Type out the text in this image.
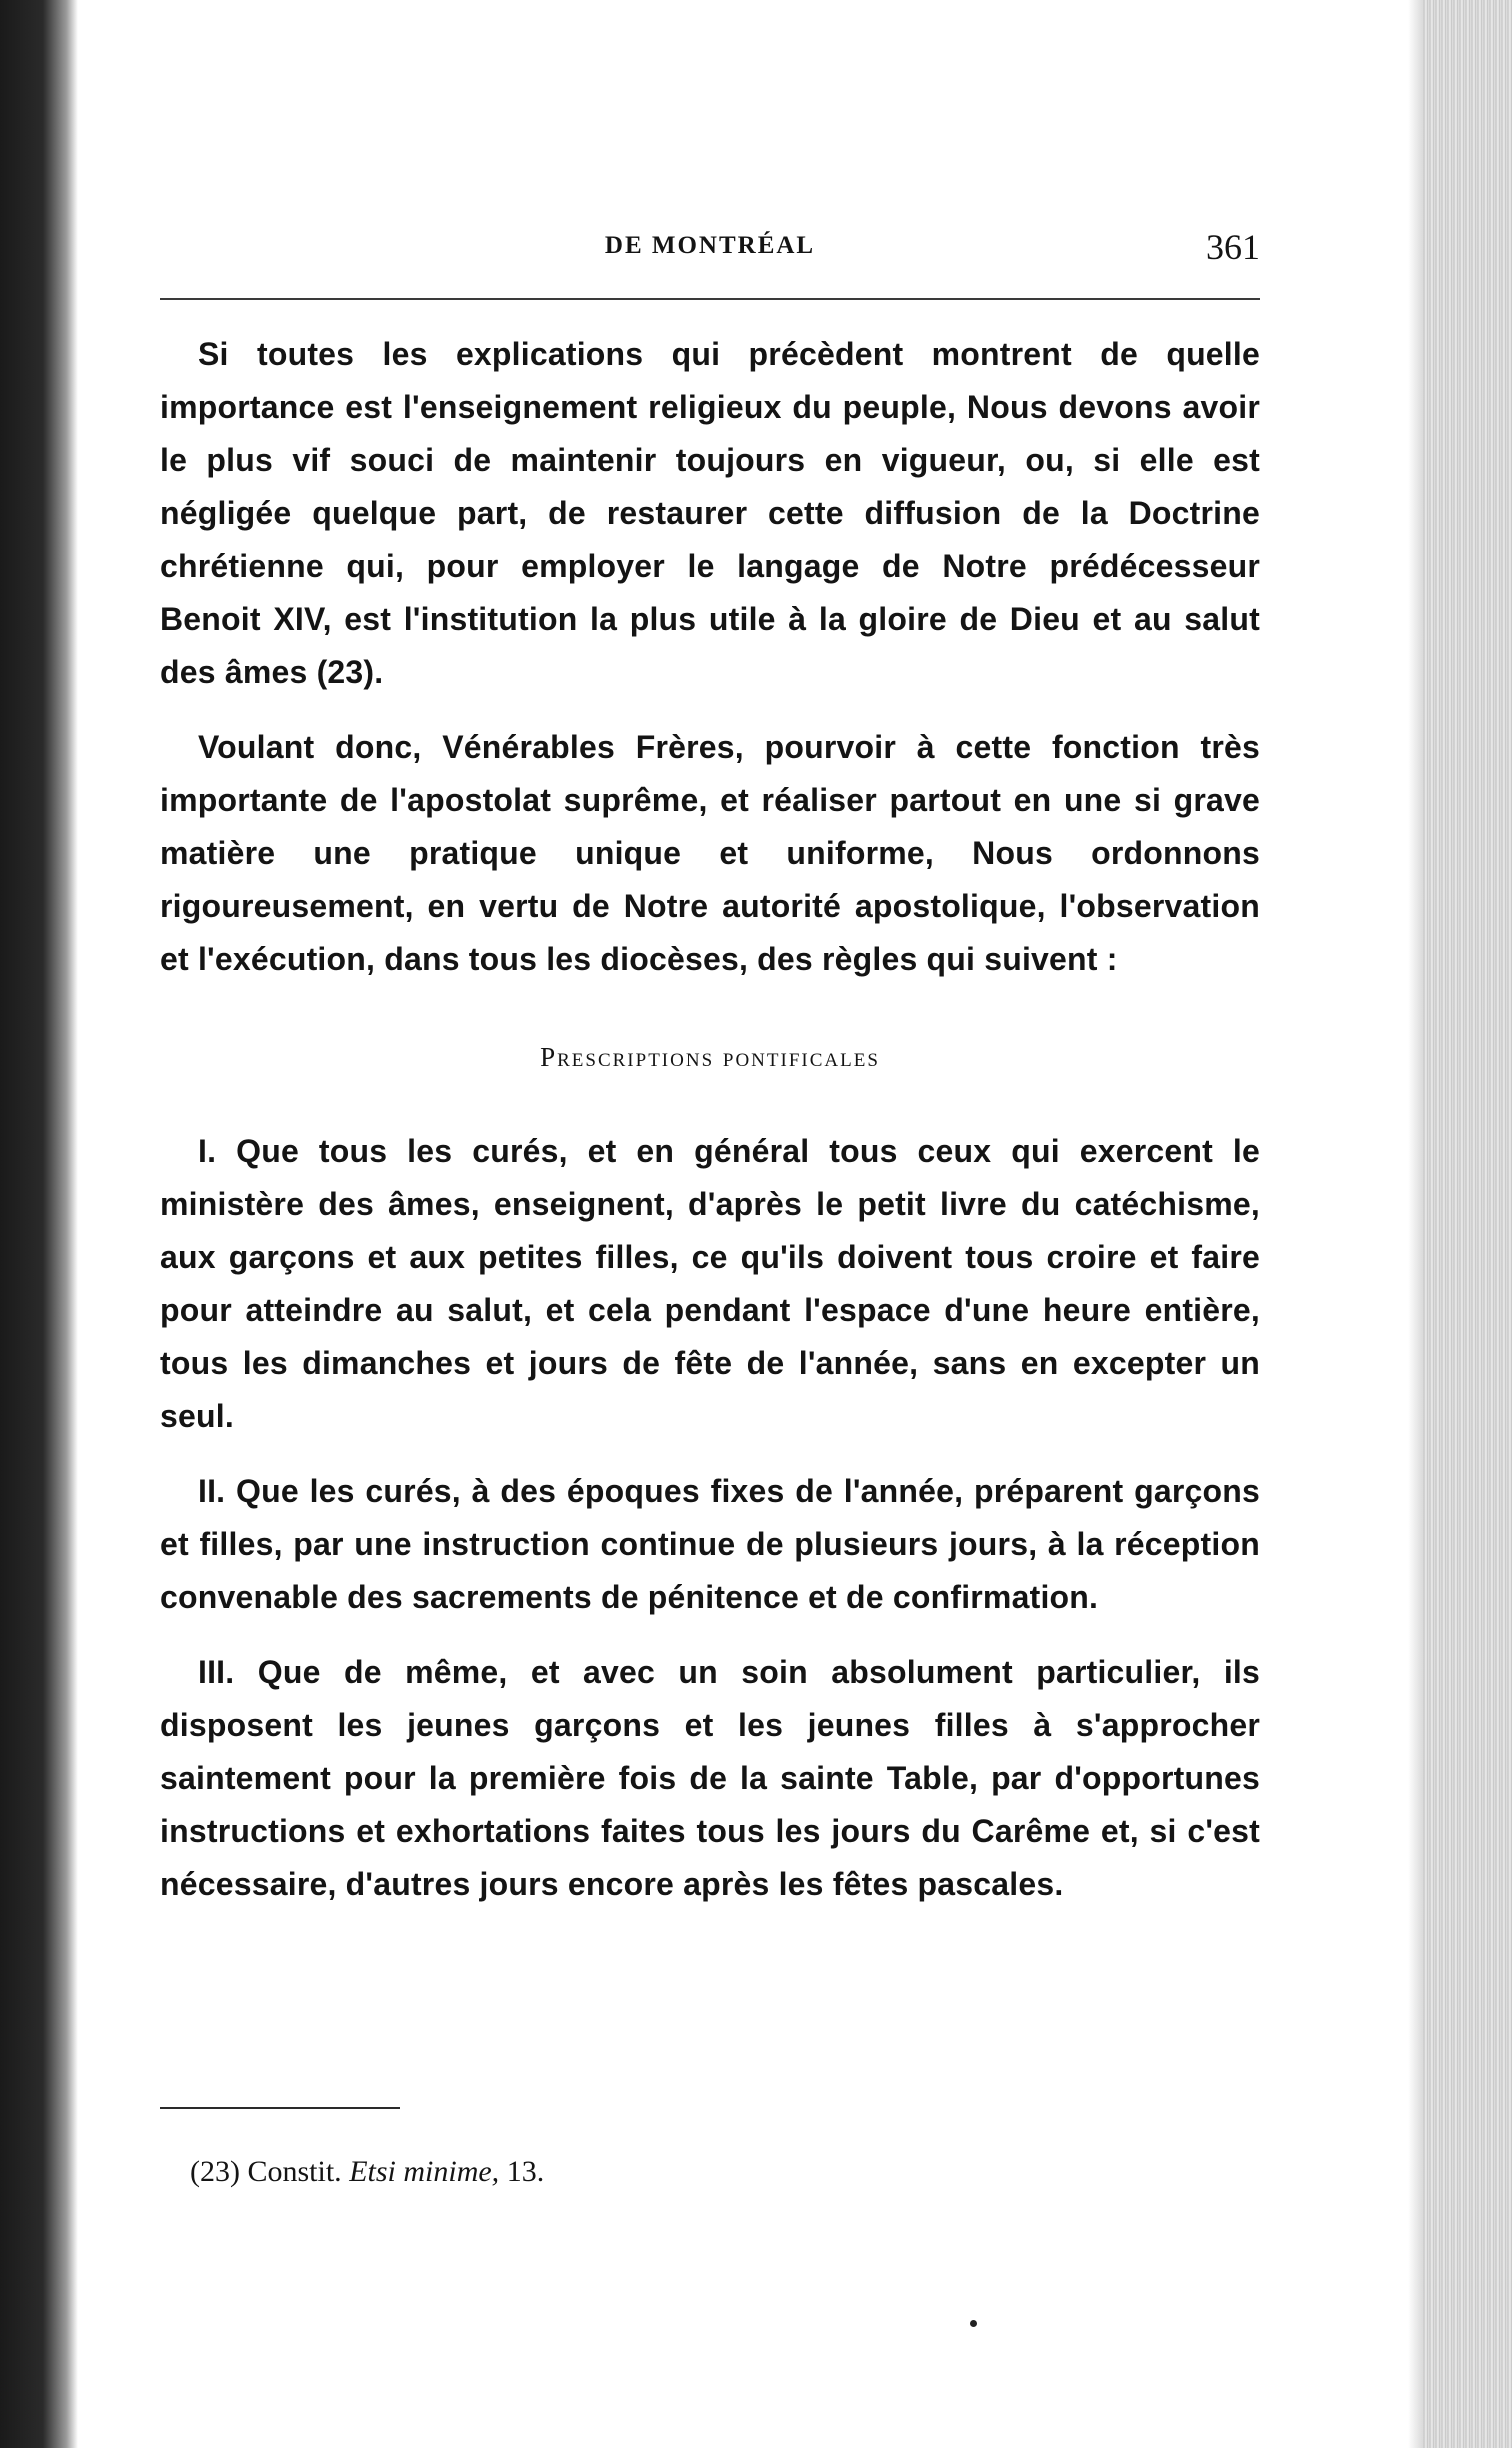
DE MONTRÉAL	361

Si toutes les explications qui précèdent montrent de quelle importance est l'enseignement religieux du peuple, Nous devons avoir le plus vif souci de maintenir toujours en vigueur, ou, si elle est négligée quelque part, de restaurer cette diffusion de la Doctrine chrétienne qui, pour employer le langage de Notre prédécesseur Benoit XIV, est l'institution la plus utile à la gloire de Dieu et au salut des âmes (23).

Voulant donc, Vénérables Frères, pourvoir à cette fonction très importante de l'apostolat suprême, et réaliser partout en une si grave matière une pratique unique et uniforme, Nous ordonnons rigoureusement, en vertu de Notre autorité apostolique, l'observation et l'exécution, dans tous les diocèses, des règles qui suivent :

Prescriptions pontificales

I. Que tous les curés, et en général tous ceux qui exercent le ministère des âmes, enseignent, d'après le petit livre du catéchisme, aux garçons et aux petites filles, ce qu'ils doivent tous croire et faire pour atteindre au salut, et cela pendant l'espace d'une heure entière, tous les dimanches et jours de fête de l'année, sans en excepter un seul.

II. Que les curés, à des époques fixes de l'année, préparent garçons et filles, par une instruction continue de plusieurs jours, à la réception convenable des sacrements de pénitence et de confirmation.

III. Que de même, et avec un soin absolument particulier, ils disposent les jeunes garçons et les jeunes filles à s'approcher saintement pour la première fois de la sainte Table, par d'opportunes instructions et exhortations faites tous les jours du Carême et, si c'est nécessaire, d'autres jours encore après les fêtes pascales.

(23) Constit. Etsi minime, 13.
